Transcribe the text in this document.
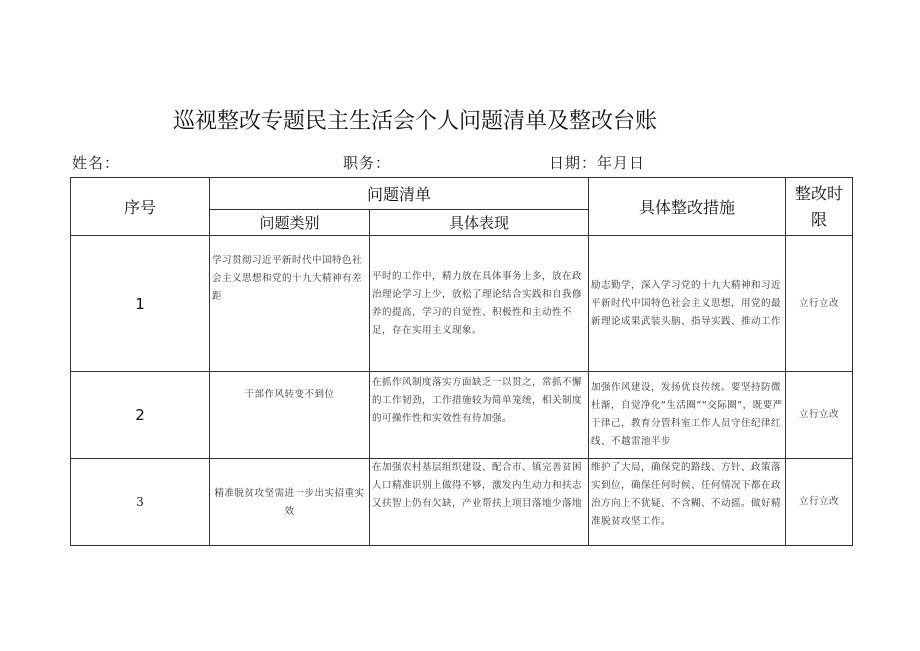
巡视整改专题民主生活会个人问题清单及整改台账
姓名：	职务：	日期：年月日
序号	问题清单		具体整改措施	整改时限
	问题类别	具体表现		
1	学习贯彻习近平新时代中国特色社会主义思想和党的十九大精神有差距	平时的工作中，精力放在具体事务上多，放在政治理论学习上少，放松了理论结合实践和自我修养的提高，学习的自觉性、积极性和主动性不足，存在实用主义现象。	励志勤学，深入学习党的十九大精神和习近平新时代中国特色社会主义思想，用党的最新理论成果武装头脑、指导实践、推动工作	立行立改
2	干部作风转变不到位	在抓作风制度落实方面缺乏一以贯之，常抓不懈的工作韧劲，工作措施较为简单笼统，相关制度的可操作性和实效性有待加强。	加强作风建设，发扬优良传统。要坚持防微杜渐，自觉净化“生活圈”“交际圈”，既要严于律己，教育分管科室工作人员守住纪律红线、不越雷池半步	立行立改
3	精准脱贫攻坚需进一步出实招重实效	在加强农村基层组织建设、配合市、镇完善贫困人口精准识别上做得不够，激发内生动力和扶志又扶智上仍有欠缺，产业帮扶上项目落地少落地	维护了大局，确保党的路线、方针、政策落实到位，确保任何时候、任何情况下都在政治方向上不犹疑、不含糊、不动摇。做好精准脱贫攻坚工作。	立行立改
